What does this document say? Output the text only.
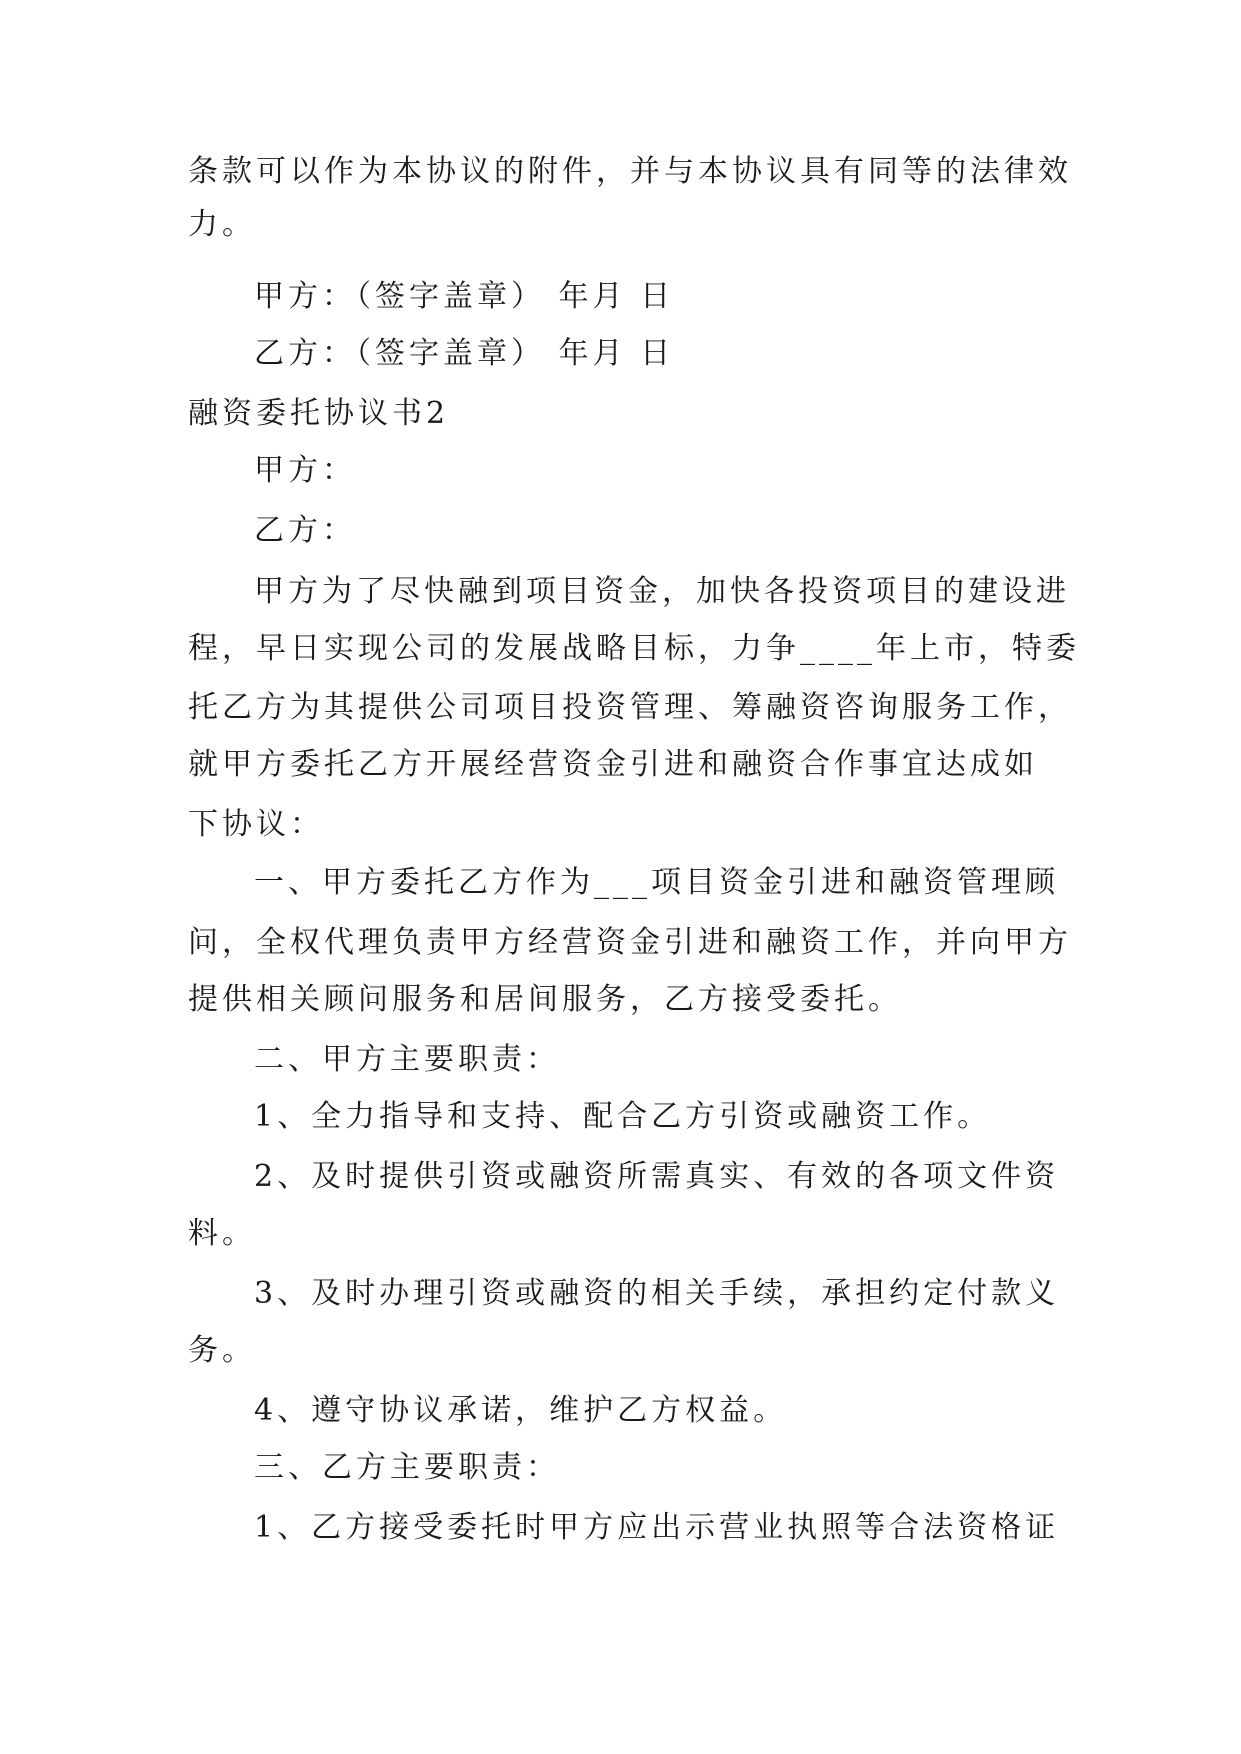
条款可以作为本协议的附件，并与本协议具有同等的法律效
力。
甲方：（签字盖章） 年月 日
乙方：（签字盖章） 年月 日
融资委托协议书2
甲方：
乙方：
甲方为了尽快融到项目资金，加快各投资项目的建设进
程，早日实现公司的发展战略目标，力争____年上市，特委
托乙方为其提供公司项目投资管理、筹融资咨询服务工作，
就甲方委托乙方开展经营资金引进和融资合作事宜达成如
下协议：
一、甲方委托乙方作为___项目资金引进和融资管理顾
问，全权代理负责甲方经营资金引进和融资工作，并向甲方
提供相关顾问服务和居间服务，乙方接受委托。
二、甲方主要职责：
1、全力指导和支持、配合乙方引资或融资工作。
2、及时提供引资或融资所需真实、有效的各项文件资
料。
3、及时办理引资或融资的相关手续，承担约定付款义
务。
4、遵守协议承诺，维护乙方权益。
三、乙方主要职责：
1、乙方接受委托时甲方应出示营业执照等合法资格证
